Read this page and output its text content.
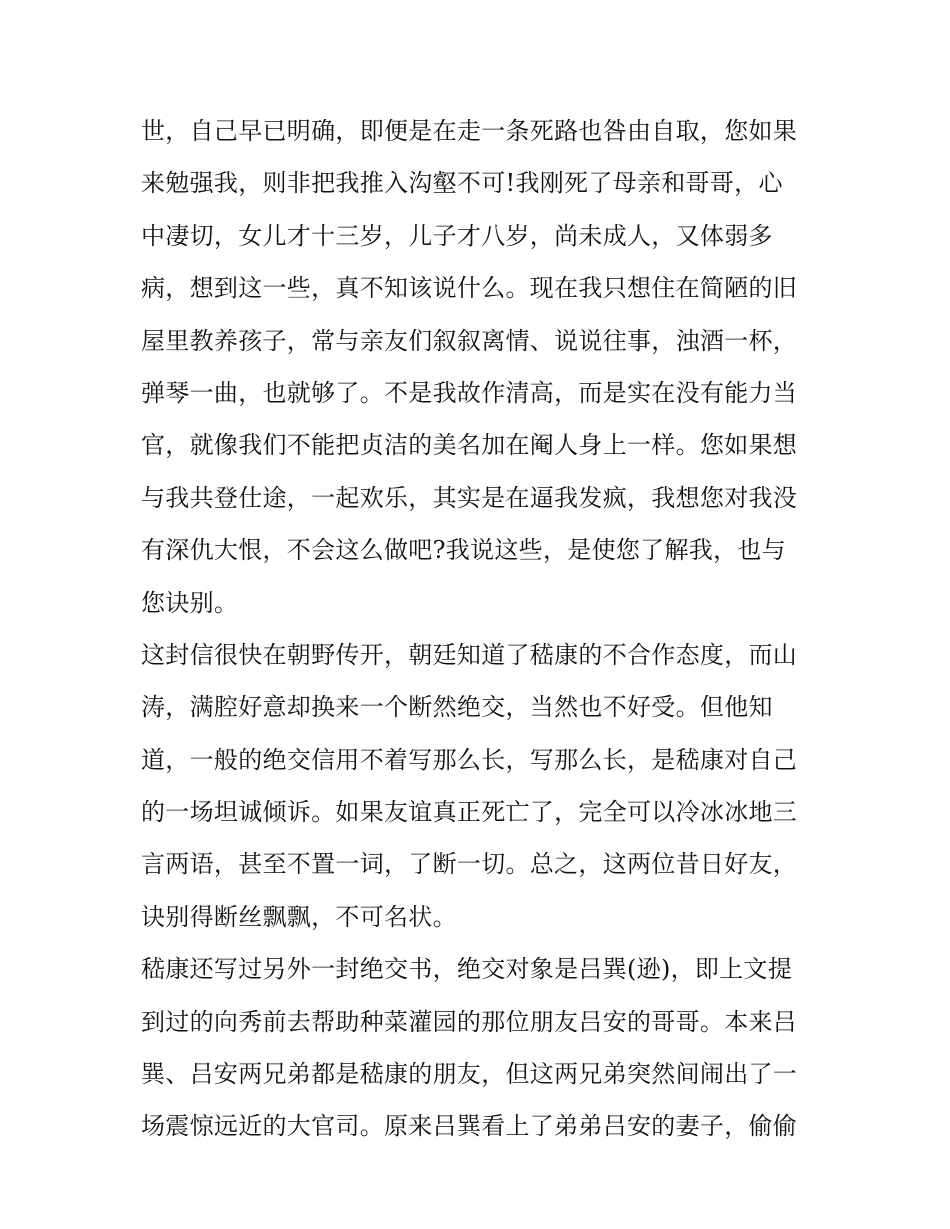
世，自己早已明确，即便是在走一条死路也咎由自取，您如果
来勉强我，则非把我推入沟壑不可!我刚死了母亲和哥哥，心
中凄切，女儿才十三岁，儿子才八岁，尚未成人，又体弱多
病，想到这一些，真不知该说什么。现在我只想住在简陋的旧
屋里教养孩子，常与亲友们叙叙离情、说说往事，浊酒一杯，
弹琴一曲，也就够了。不是我故作清高，而是实在没有能力当
官，就像我们不能把贞洁的美名加在阉人身上一样。您如果想
与我共登仕途，一起欢乐，其实是在逼我发疯，我想您对我没
有深仇大恨，不会这么做吧?我说这些，是使您了解我，也与
您诀别。
这封信很快在朝野传开，朝廷知道了嵇康的不合作态度，而山
涛，满腔好意却换来一个断然绝交，当然也不好受。但他知
道，一般的绝交信用不着写那么长，写那么长，是嵇康对自己
的一场坦诚倾诉。如果友谊真正死亡了，完全可以冷冰冰地三
言两语，甚至不置一词，了断一切。总之，这两位昔日好友，
诀别得断丝飘飘，不可名状。
嵇康还写过另外一封绝交书，绝交对象是吕巽(逊)，即上文提
到过的向秀前去帮助种菜灌园的那位朋友吕安的哥哥。本来吕
巽、吕安两兄弟都是嵇康的朋友，但这两兄弟突然间闹出了一
场震惊远近的大官司。原来吕巽看上了弟弟吕安的妻子，偷偷
